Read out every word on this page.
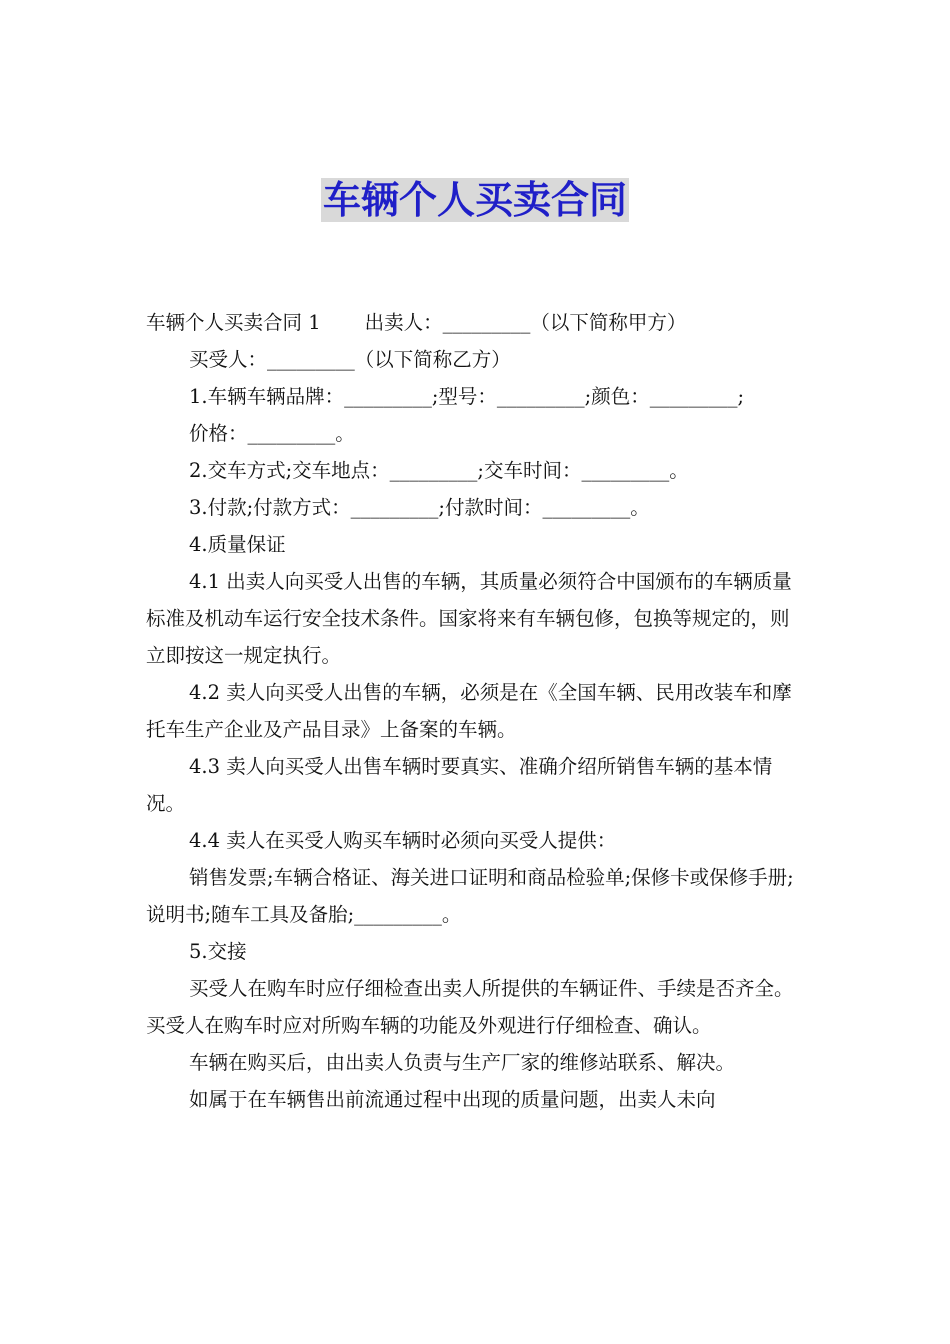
车辆个人买卖合同

车辆个人买卖合同 1 出卖人：_________（以下简称甲方）

买受人：_________（以下简称乙方）

1.车辆车辆品牌：_________;型号：_________;颜色：_________;

价格：_________。

2.交车方式;交车地点：_________;交车时间：_________。

3.付款;付款方式：_________;付款时间：_________。

4.质量保证

4.1 出卖人向买受人出售的车辆，其质量必须符合中国颁布的车辆质量标准及机动车运行安全技术条件。国家将来有车辆包修，包换等规定的，则立即按这一规定执行。

4.2 卖人向买受人出售的车辆，必须是在《全国车辆、民用改装车和摩托车生产企业及产品目录》上备案的车辆。

4.3 卖人向买受人出售车辆时要真实、准确介绍所销售车辆的基本情况。

4.4 卖人在买受人购买车辆时必须向买受人提供：

销售发票;车辆合格证、海关进口证明和商品检验单;保修卡或保修手册;说明书;随车工具及备胎;_________。

5.交接

买受人在购车时应仔细检查出卖人所提供的车辆证件、手续是否齐全。买受人在购车时应对所购车辆的功能及外观进行仔细检查、确认。

车辆在购买后，由出卖人负责与生产厂家的维修站联系、解决。

如属于在车辆售出前流通过程中出现的质量问题，出卖人未向
